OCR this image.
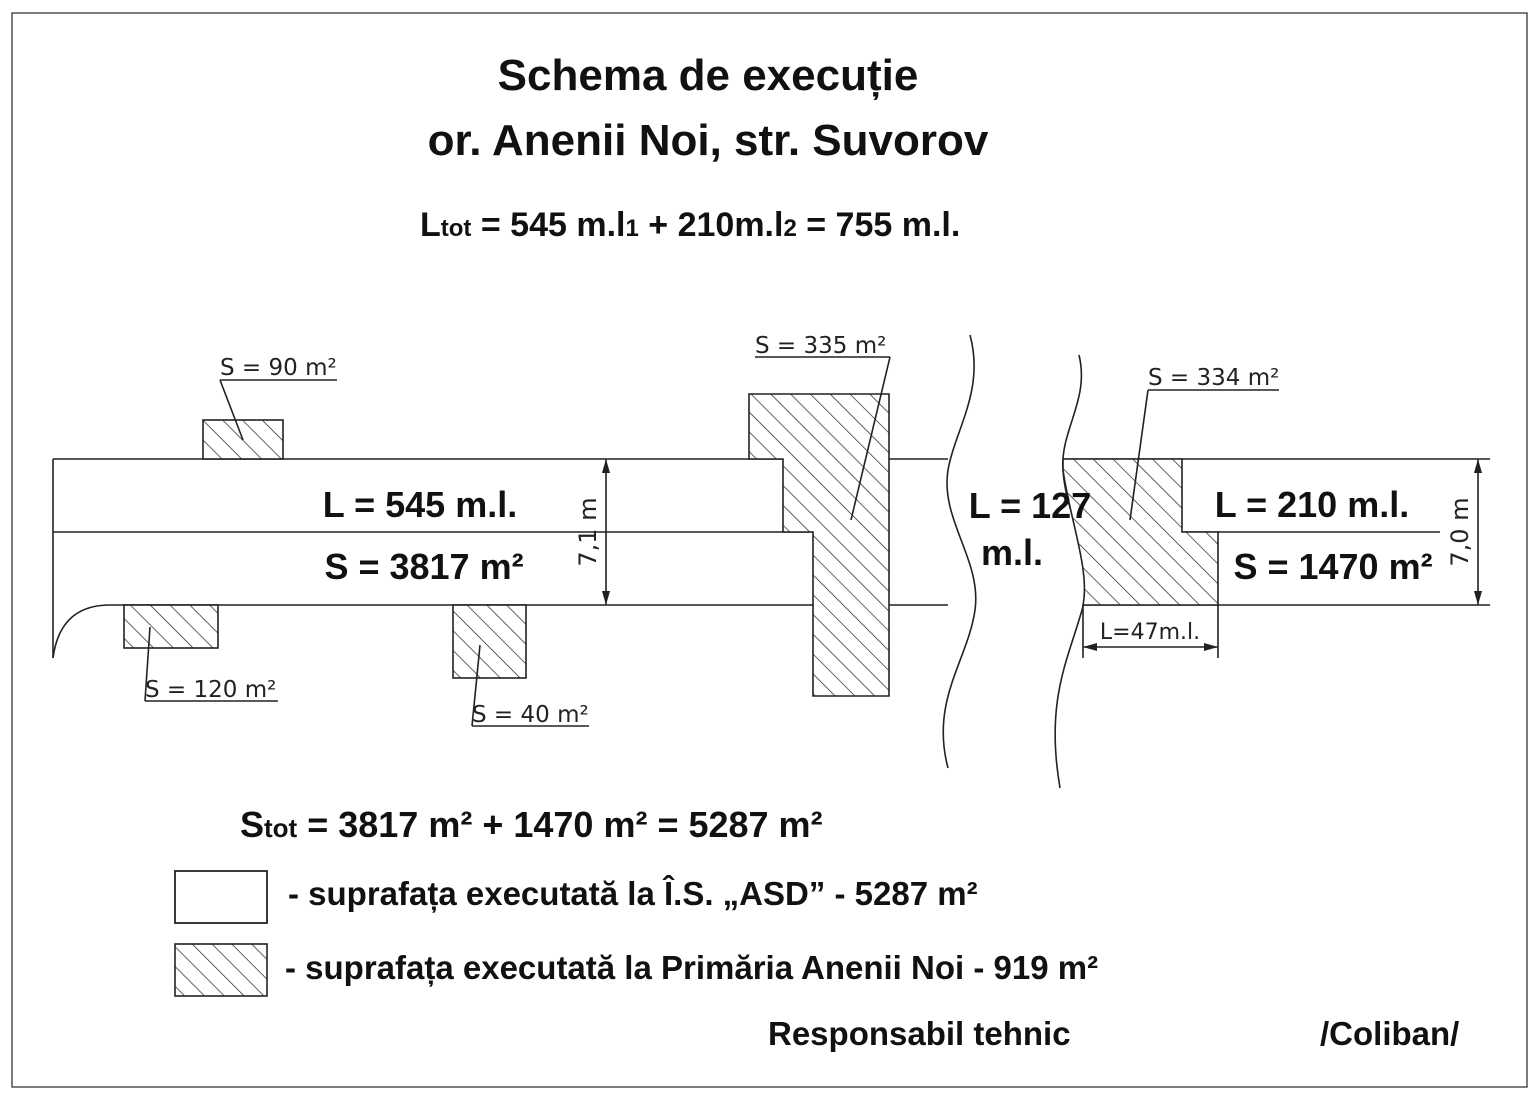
Schema de execuție
or. Anenii Noi, str. Suvorov
Ltot = 545 m.l1 + 210m.l2 = 755 m.l.
7,1 m
L = 545 m.l.
S = 3817 m²
S = 90 m²
S = 120 m²
S = 40 m²
S = 335 m²
S = 334 m²
L=47m.l.
7,0 m
L = 210 m.l.
S = 1470 m²
L = 127
m.l.
Stot = 3817 m² + 1470 m² = 5287 m²
- suprafața executată la Î.S. „ASD” - 5287 m²
- suprafața executată la Primăria Anenii Noi - 919 m²
Responsabil tehnic	/Coliban/
